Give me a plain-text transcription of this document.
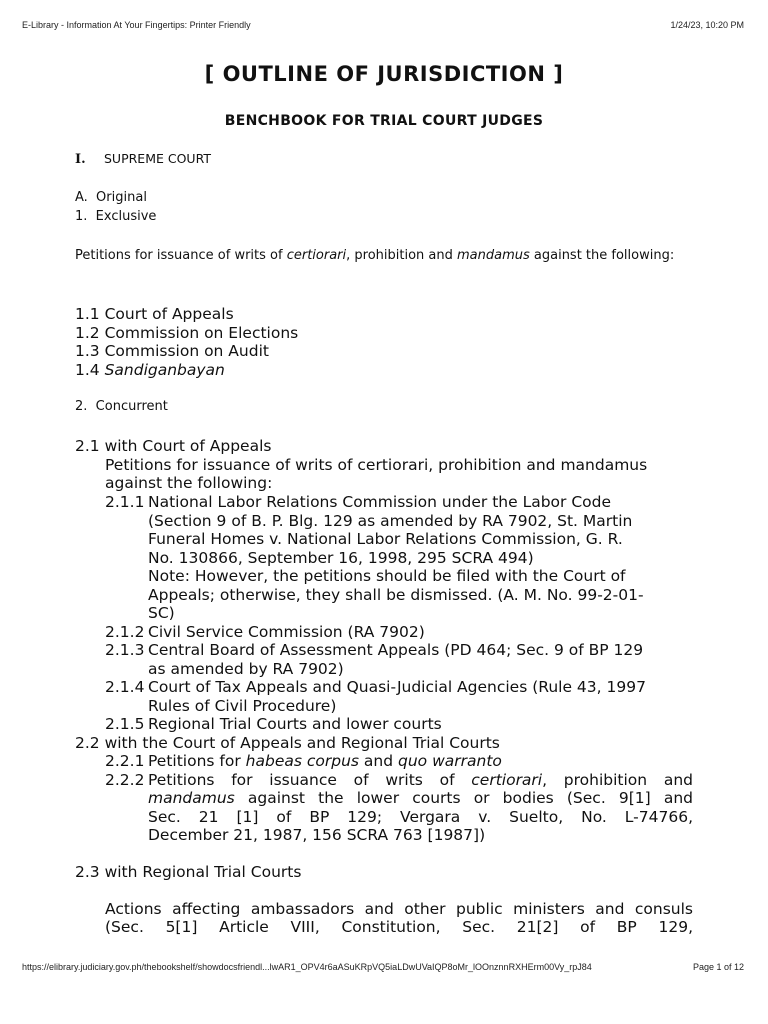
E-Library - Information At Your Fingertips: Printer Friendly	1/24/23, 10:20 PM
[ OUTLINE OF JURISDICTION ]
BENCHBOOK FOR TRIAL COURT JUDGES
I. SUPREME COURT
A.  Original
1.  Exclusive
Petitions for issuance of writs of certiorari, prohibition and mandamus against the following:
1.1 Court of Appeals
1.2 Commission on Elections
1.3 Commission on Audit
1.4 Sandiganbayan
2.  Concurrent
2.1 with Court of Appeals
Petitions for issuance of writs of certiorari, prohibition and mandamus
against the following:
2.1.1 National Labor Relations Commission under the Labor Code
(Section 9 of B. P. Blg. 129 as amended by RA 7902, St. Martin
Funeral Homes v. National Labor Relations Commission, G. R.
No. 130866, September 16, 1998, 295 SCRA 494)
Note: However, the petitions should be filed with the Court of
Appeals; otherwise, they shall be dismissed. (A. M. No. 99-2-01-
SC)
2.1.2 Civil Service Commission (RA 7902)
2.1.3 Central Board of Assessment Appeals (PD 464; Sec. 9 of BP 129
as amended by RA 7902)
2.1.4 Court of Tax Appeals and Quasi-Judicial Agencies (Rule 43, 1997
Rules of Civil Procedure)
2.1.5 Regional Trial Courts and lower courts
2.2 with the Court of Appeals and Regional Trial Courts
2.2.1 Petitions for habeas corpus and quo warranto
2.2.2 Petitions for issuance of writs of certiorari, prohibition and
mandamus against the lower courts or bodies (Sec. 9[1] and
Sec. 21 [1] of BP 129; Vergara v. Suelto, No. L-74766,
December 21, 1987, 156 SCRA 763 [1987])
2.3 with Regional Trial Courts
Actions affecting ambassadors and other public ministers and consuls
(Sec. 5[1] Article VIII, Constitution, Sec. 21[2] of BP 129,
https://elibrary.judiciary.gov.ph/thebookshelf/showdocsfriendl...lwAR1_OPV4r6aASuKRpVQ5iaLDwUVaIQP8oMr_lOOnznnRXHErm00Vy_rpJ84	Page 1 of 12
